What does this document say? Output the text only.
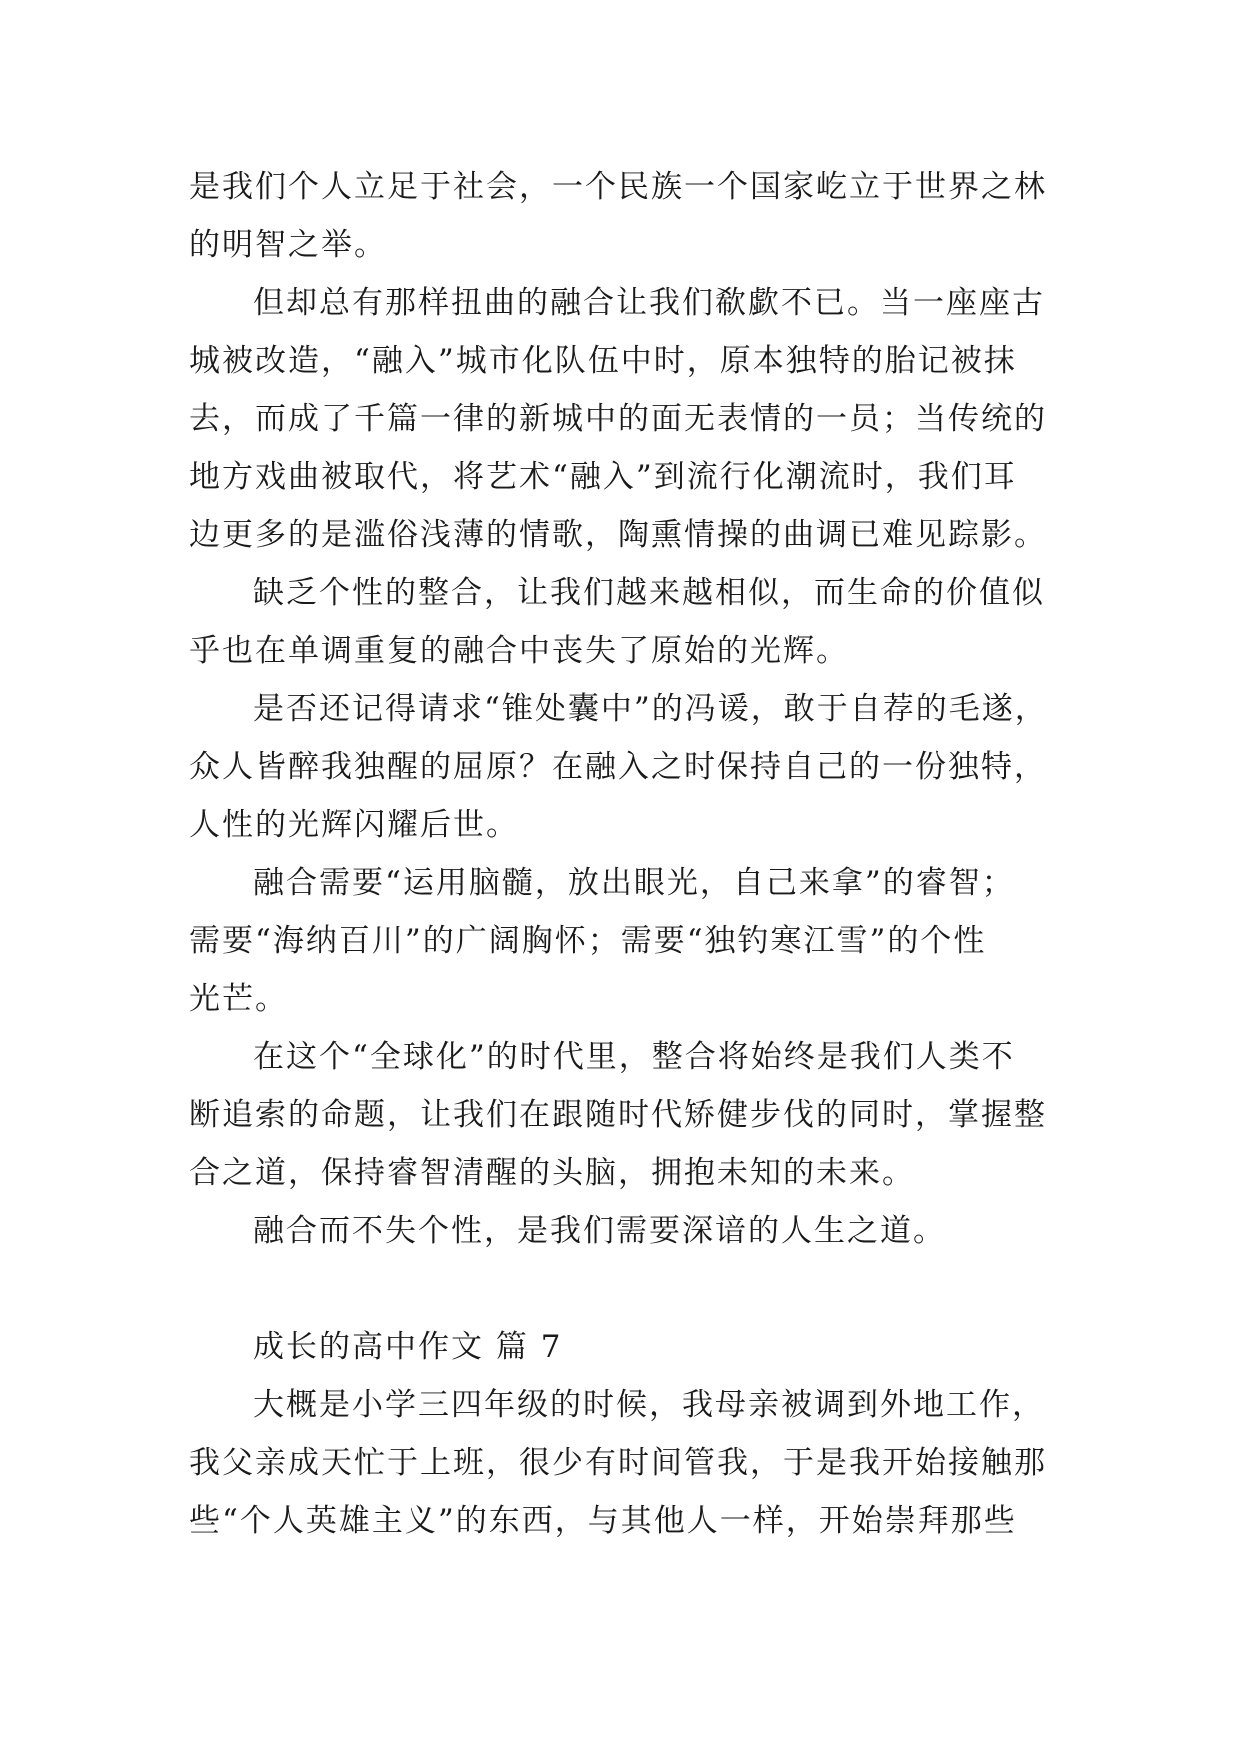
是我们个人立足于社会，一个民族一个国家屹立于世界之林
的明智之举。
但却总有那样扭曲的融合让我们欷歔不已。当一座座古
城被改造，“融入”城市化队伍中时，原本独特的胎记被抹
去，而成了千篇一律的新城中的面无表情的一员；当传统的
地方戏曲被取代，将艺术“融入”到流行化潮流时，我们耳
边更多的是滥俗浅薄的情歌，陶熏情操的曲调已难见踪影。
缺乏个性的整合，让我们越来越相似，而生命的价值似
乎也在单调重复的融合中丧失了原始的光辉。
是否还记得请求“锥处囊中”的冯谖，敢于自荐的毛遂，
众人皆醉我独醒的屈原？在融入之时保持自己的一份独特，
人性的光辉闪耀后世。
融合需要“运用脑髓，放出眼光，自己来拿”的睿智；
需要“海纳百川”的广阔胸怀；需要“独钓寒江雪”的个性
光芒。
在这个“全球化”的时代里，整合将始终是我们人类不
断追索的命题，让我们在跟随时代矫健步伐的同时，掌握整
合之道，保持睿智清醒的头脑，拥抱未知的未来。
融合而不失个性，是我们需要深谙的人生之道。
成长的高中作文 篇 7
大概是小学三四年级的时候，我母亲被调到外地工作，
我父亲成天忙于上班，很少有时间管我，于是我开始接触那
些“个人英雄主义”的东西，与其他人一样，开始崇拜那些
